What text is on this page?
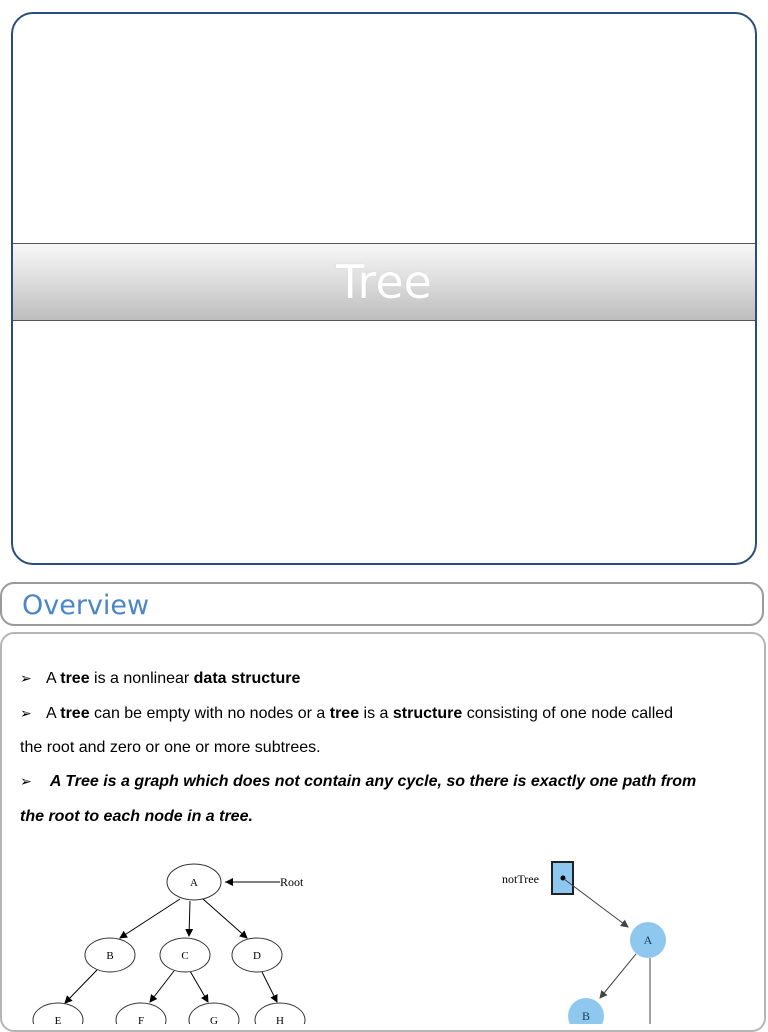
Tree
Overview
➢ A tree is a nonlinear data structure
➢ A tree can be empty with no nodes or a tree is a structure consisting of one node called
the root and zero or one or more subtrees.
➢ A Tree is a graph which does not contain any cycle, so there is exactly one path from
the root to each node in a tree.
A
B	C	D
E	F	G	H
Root	notTree
A
B
